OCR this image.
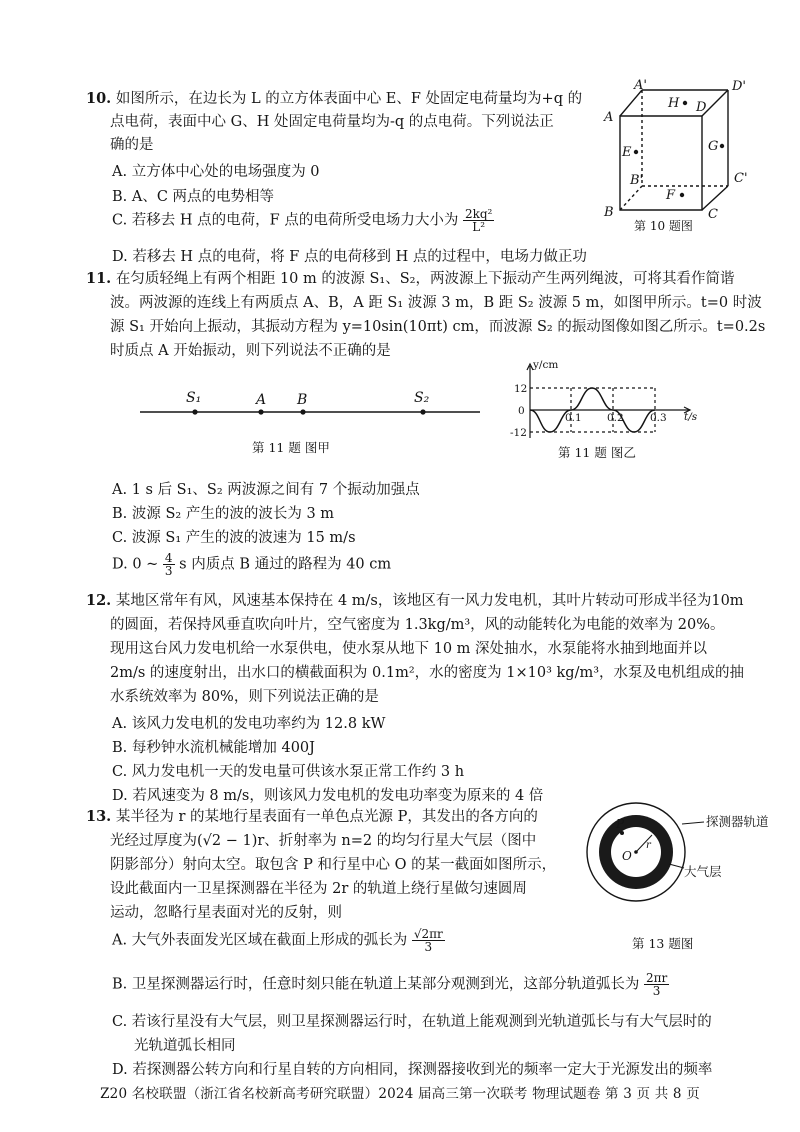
10. 如图所示，在边长为 L 的立方体表面中心 E、F 处固定电荷量均为+q 的
点电荷，表面中心 G、H 处固定电荷量均为-q 的点电荷。下列说法正
确的是
A. 立方体中心处的电场强度为 0
B. A、C 两点的电势相等
C. 若移去 H 点的电荷，F 点的电荷所受电场力大小为 $\frac{\text{2kq²}}{\text{L²}}$
D. 若移去 H 点的电荷，将 F 点的电荷移到 H 点的过程中，电场力做正功
A'	D'
H
A
D
E	G
B'	C'
F
B	C
第 10 题图
11. 在匀质轻绳上有两个相距 10 m 的波源 S₁、S₂，两波源上下振动产生两列绳波，可将其看作简谐
波。两波源的连线上有两质点 A、B，A 距 S₁ 波源 3 m，B 距 S₂ 波源 5 m，如图甲所示。t=0 时波
源 S₁ 开始向上振动，其振动方程为 y=10sin(10πt) cm，而波源 S₂ 的振动图像如图乙所示。t=0.2s
时质点 A 开始振动，则下列说法不正确的是
S₁	A B	S₂
第 11 题 图甲
y/cm
t/s
12
0
-12
0.1 0.2	0.3
第 11 题 图乙
A. 1 s 后 S₁、S₂ 两波源之间有 7 个振动加强点
B. 波源 S₂ 产生的波的波长为 3 m
C. 波源 S₁ 产生的波的波速为 15 m/s
D. 0 ~ $\frac{4}{3}$ s 内质点 B 通过的路程为 40 cm
12. 某地区常年有风，风速基本保持在 4 m/s，该地区有一风力发电机，其叶片转动可形成半径为10m
的圆面，若保持风垂直吹向叶片，空气密度为 1.3kg/m³，风的动能转化为电能的效率为 20%。
现用这台风力发电机给一水泵供电，使水泵从地下 10 m 深处抽水，水泵能将水抽到地面并以
2m/s 的速度射出，出水口的横截面积为 0.1m²，水的密度为 1×10³ kg/m³，水泵及电机组成的抽
水系统效率为 80%，则下列说法正确的是
A. 该风力发电机的发电功率约为 12.8 kW
B. 每秒钟水流机械能增加 400J
C. 风力发电机一天的发电量可供该水泵正常工作约 3 h
D. 若风速变为 8 m/s，则该风力发电机的发电功率变为原来的 4 倍
13. 某半径为 r 的某地行星表面有一单色点光源 P，其发出的各方向的
光经过厚度为(√2 − 1)r、折射率为 n=2 的均匀行星大气层（图中
阴影部分）射向太空。取包含 P 和行星中心 O 的某一截面如图所示，
设此截面内一卫星探测器在半径为 2r 的轨道上绕行星做匀速圆周
运动，忽略行星表面对光的反射，则
A. 大气外表面发光区域在截面上形成的弧长为 $\frac{√2\pi r}{3}$
B. 卫星探测器运行时，任意时刻只能在轨道上某部分观测到光，这部分轨道弧长为 $\frac{2\pi r}{3}$
C. 若该行星没有大气层，则卫星探测器运行时，在轨道上能观测到光轨道弧长与有大气层时的
光轨道弧长相同
D. 若探测器公转方向和行星自转的方向相同，探测器接收到光的频率一定大于光源发出的频率
P
O
r
探测器轨道
大气层
第 13 题图
Z20 名校联盟（浙江省名校新高考研究联盟）2024 届高三第一次联考 物理试题卷 第 3 页 共 8 页
